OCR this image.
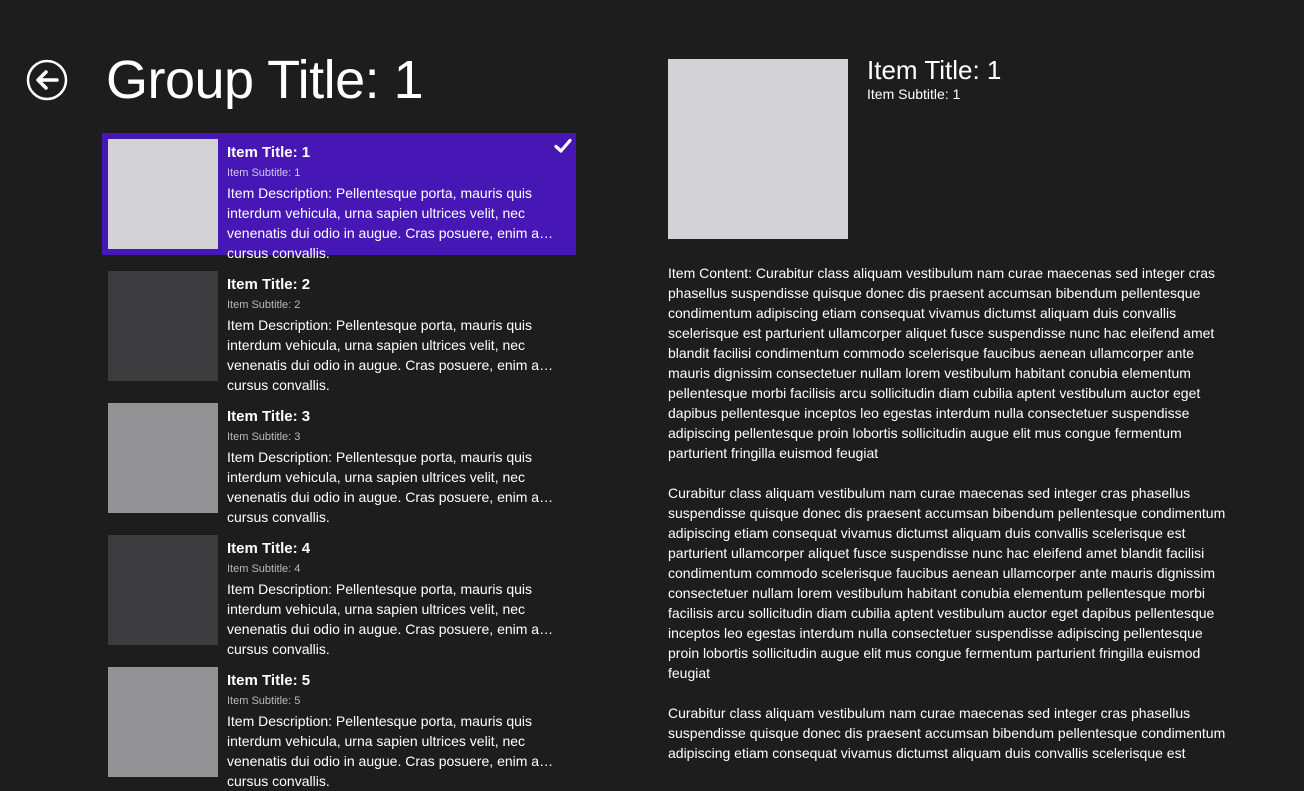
Group Title: 1
Item Title: 1
Item Subtitle: 1
Item Description: Pellentesque porta, mauris quis interdum vehicula, urna sapien ultrices velit, nec venenatis dui odio in augue. Cras posuere, enim a cursus convallis.
Item Title: 2
Item Subtitle: 2
Item Description: Pellentesque porta, mauris quis interdum vehicula, urna sapien ultrices velit, nec venenatis dui odio in augue. Cras posuere, enim a cursus convallis.
Item Title: 3
Item Subtitle: 3
Item Description: Pellentesque porta, mauris quis interdum vehicula, urna sapien ultrices velit, nec venenatis dui odio in augue. Cras posuere, enim a cursus convallis.
Item Title: 4
Item Subtitle: 4
Item Description: Pellentesque porta, mauris quis interdum vehicula, urna sapien ultrices velit, nec venenatis dui odio in augue. Cras posuere, enim a cursus convallis.
Item Title: 5
Item Subtitle: 5
Item Description: Pellentesque porta, mauris quis interdum vehicula, urna sapien ultrices velit, nec venenatis dui odio in augue. Cras posuere, enim a cursus convallis.
Item Title: 1
Item Subtitle: 1

Item Content: Curabitur class aliquam vestibulum nam curae maecenas sed integer cras phasellus suspendisse quisque donec dis praesent accumsan bibendum pellentesque condimentum adipiscing etiam consequat vivamus dictumst aliquam duis convallis scelerisque est parturient ullamcorper aliquet fusce suspendisse nunc hac eleifend amet blandit facilisi condimentum commodo scelerisque faucibus aenean ullamcorper ante mauris dignissim consectetuer nullam lorem vestibulum habitant conubia elementum pellentesque morbi facilisis arcu sollicitudin diam cubilia aptent vestibulum auctor eget dapibus pellentesque inceptos leo egestas interdum nulla consectetuer suspendisse adipiscing pellentesque proin lobortis sollicitudin augue elit mus congue fermentum parturient fringilla euismod feugiat

Curabitur class aliquam vestibulum nam curae maecenas sed integer cras phasellus suspendisse quisque donec dis praesent accumsan bibendum pellentesque condimentum adipiscing etiam consequat vivamus dictumst aliquam duis convallis scelerisque est parturient ullamcorper aliquet fusce suspendisse nunc hac eleifend amet blandit facilisi condimentum commodo scelerisque faucibus aenean ullamcorper ante mauris dignissim consectetuer nullam lorem vestibulum habitant conubia elementum pellentesque morbi facilisis arcu sollicitudin diam cubilia aptent vestibulum auctor eget dapibus pellentesque inceptos leo egestas interdum nulla consectetuer suspendisse adipiscing pellentesque proin lobortis sollicitudin augue elit mus congue fermentum parturient fringilla euismod feugiat

Curabitur class aliquam vestibulum nam curae maecenas sed integer cras phasellus suspendisse quisque donec dis praesent accumsan bibendum pellentesque condimentum adipiscing etiam consequat vivamus dictumst aliquam duis convallis scelerisque est
